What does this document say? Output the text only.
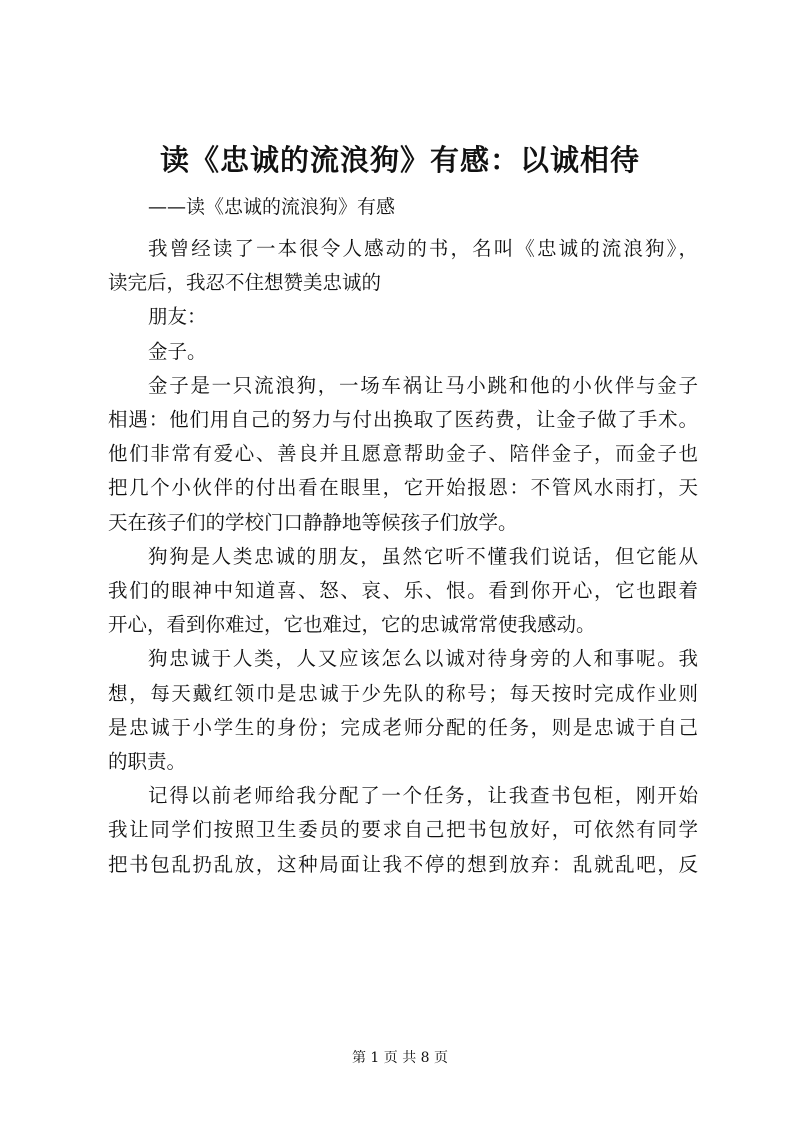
读《忠诚的流浪狗》有感：以诚相待
——读《忠诚的流浪狗》有感
我曾经读了一本很令人感动的书，名叫《忠诚的流浪狗》，
读完后，我忍不住想赞美忠诚的
朋友：
金子。
金子是一只流浪狗，一场车祸让马小跳和他的小伙伴与金子
相遇：他们用自己的努力与付出换取了医药费，让金子做了手术。
他们非常有爱心、善良并且愿意帮助金子、陪伴金子，而金子也
把几个小伙伴的付出看在眼里，它开始报恩：不管风水雨打，天
天在孩子们的学校门口静静地等候孩子们放学。
狗狗是人类忠诚的朋友，虽然它听不懂我们说话，但它能从
我们的眼神中知道喜、怒、哀、乐、恨。看到你开心，它也跟着
开心，看到你难过，它也难过，它的忠诚常常使我感动。
狗忠诚于人类，人又应该怎么以诚对待身旁的人和事呢。我
想，每天戴红领巾是忠诚于少先队的称号；每天按时完成作业则
是忠诚于小学生的身份；完成老师分配的任务，则是忠诚于自己
的职责。
记得以前老师给我分配了一个任务，让我查书包柜，刚开始
我让同学们按照卫生委员的要求自己把书包放好，可依然有同学
把书包乱扔乱放，这种局面让我不停的想到放弃：乱就乱吧，反
第 1 页 共 8 页
